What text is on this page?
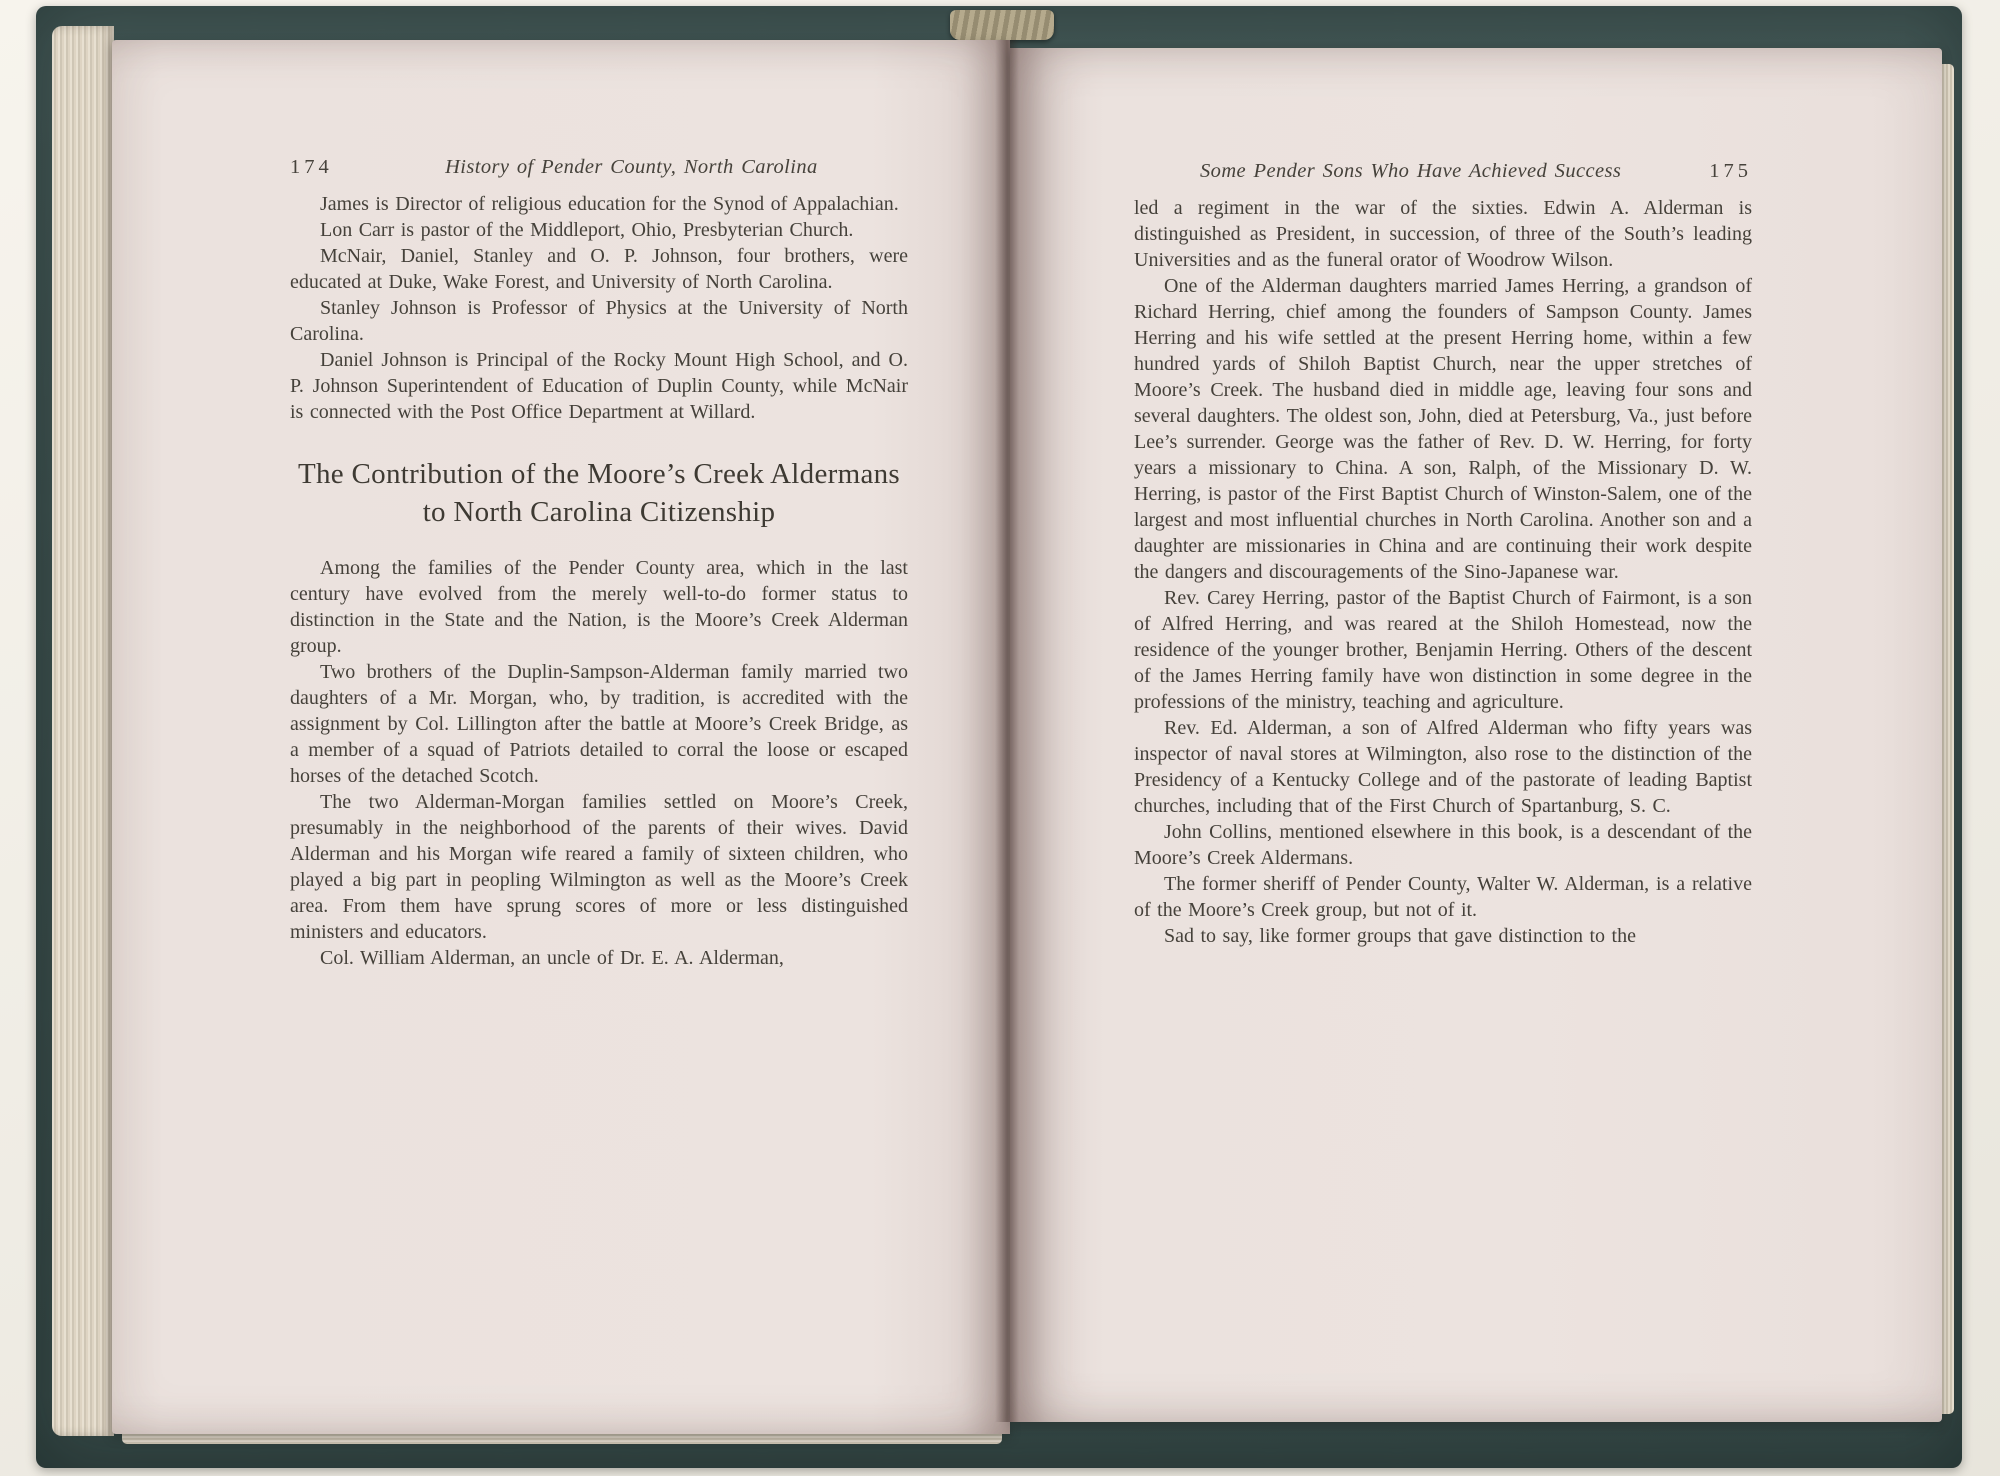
174	History of Pender County, North Carolina

James is Director of religious education for the Synod of Appalachian.

Lon Carr is pastor of the Middleport, Ohio, Presbyterian Church.

McNair, Daniel, Stanley and O. P. Johnson, four brothers, were educated at Duke, Wake Forest, and University of North Carolina.

Stanley Johnson is Professor of Physics at the University of North Carolina.

Daniel Johnson is Principal of the Rocky Mount High School, and O. P. Johnson Superintendent of Education of Duplin County, while McNair is connected with the Post Office Department at Willard.

The Contribution of the Moore’s Creek Aldermans to North Carolina Citizenship

Among the families of the Pender County area, which in the last century have evolved from the merely well-to-do former status to distinction in the State and the Nation, is the Moore’s Creek Alderman group.

Two brothers of the Duplin-Sampson-Alderman family married two daughters of a Mr. Morgan, who, by tradition, is accredited with the assignment by Col. Lillington after the battle at Moore’s Creek Bridge, as a member of a squad of Patriots detailed to corral the loose or escaped horses of the detached Scotch.

The two Alderman-Morgan families settled on Moore’s Creek, presumably in the neighborhood of the parents of their wives. David Alderman and his Morgan wife reared a family of sixteen children, who played a big part in peopling Wilmington as well as the Moore’s Creek area. From them have sprung scores of more or less distinguished ministers and educators.

Col. William Alderman, an uncle of Dr. E. A. Alderman,

Some Pender Sons Who Have Achieved Success	175

led a regiment in the war of the sixties. Edwin A. Alderman is distinguished as President, in succession, of three of the South’s leading Universities and as the funeral orator of Woodrow Wilson.

One of the Alderman daughters married James Herring, a grandson of Richard Herring, chief among the founders of Sampson County. James Herring and his wife settled at the present Herring home, within a few hundred yards of Shiloh Baptist Church, near the upper stretches of Moore’s Creek. The husband died in middle age, leaving four sons and several daughters. The oldest son, John, died at Petersburg, Va., just before Lee’s surrender. George was the father of Rev. D. W. Herring, for forty years a missionary to China. A son, Ralph, of the Missionary D. W. Herring, is pastor of the First Baptist Church of Winston-Salem, one of the largest and most influential churches in North Carolina. Another son and a daughter are missionaries in China and are continuing their work despite the dangers and discouragements of the Sino-Japanese war.

Rev. Carey Herring, pastor of the Baptist Church of Fairmont, is a son of Alfred Herring, and was reared at the Shiloh Homestead, now the residence of the younger brother, Benjamin Herring. Others of the descent of the James Herring family have won distinction in some degree in the professions of the ministry, teaching and agriculture.

Rev. Ed. Alderman, a son of Alfred Alderman who fifty years was inspector of naval stores at Wilmington, also rose to the distinction of the Presidency of a Kentucky College and of the pastorate of leading Baptist churches, including that of the First Church of Spartanburg, S. C.

John Collins, mentioned elsewhere in this book, is a descendant of the Moore’s Creek Aldermans.

The former sheriff of Pender County, Walter W. Alderman, is a relative of the Moore’s Creek group, but not of it.

Sad to say, like former groups that gave distinction to the
